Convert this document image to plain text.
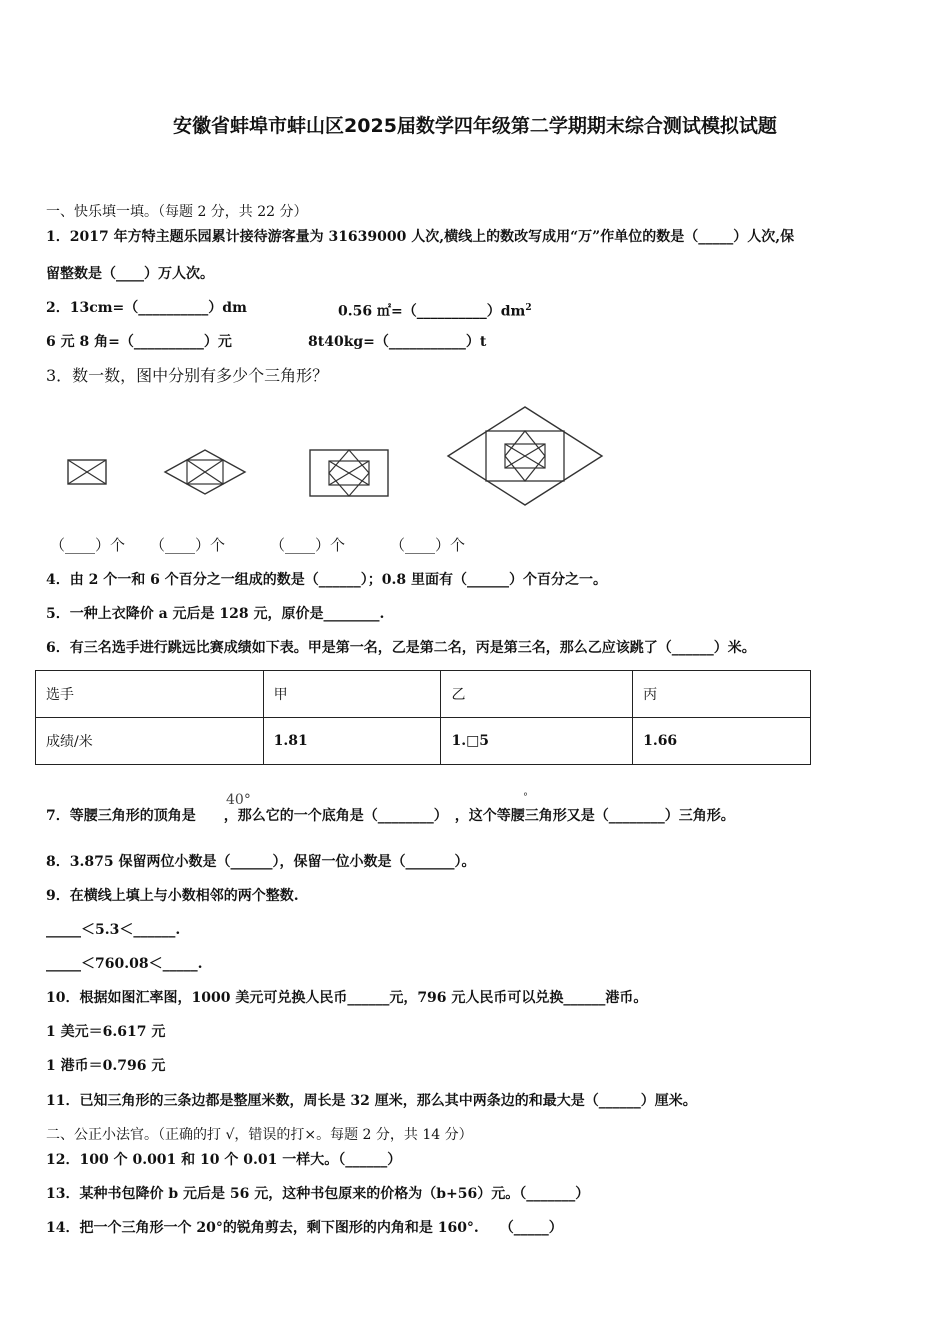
安徽省蚌埠市蚌山区2025届数学四年级第二学期期末综合测试模拟试题
一、快乐填一填。（每题 2 分，共 22 分）
1．2017 年方特主题乐园累计接待游客量为 31639000 人次,横线上的数改写成用“万”作单位的数是（_____）人次,保
留整数是（____）万人次。
2．13cm=（__________）dm	0.56 $㎡=(\_\_\_\_\_\_\_\_\_\_)dm^2$
6 元 8 角=（__________）元	8t40kg=（___________）t
3．数一数，图中分别有多少个三角形？
（____）个 （____）个	（____）个	（____）个
4．由 2 个一和 6 个百分之一组成的数是（______）；0.8 里面有（______）个百分之一。
5．一种上衣降价 a 元后是 128 元，原价是________.
6．有三名选手进行跳远比赛成绩如下表。甲是第一名，乙是第二名，丙是第三名，那么乙应该跳了（______）米。
选手	甲	乙	丙
成绩/米	1.81	1.□5	1.66
40°	°
7．等腰三角形的顶角是　　，那么它的一个底角是（________）　，这个等腰三角形又是（________）三角形。
8．3.875 保留两位小数是（______），保留一位小数是（_______）。
9．在横线上填上与小数相邻的两个整数.
_____＜5.3＜______.
_____＜760.08＜_____.
10．根据如图汇率图，1000 美元可兑换人民币______元，796 元人民币可以兑换______港币。
1 美元＝6.617 元
1 港币＝0.796 元
11．已知三角形的三条边都是整厘米数，周长是 32 厘米，那么其中两条边的和最大是（______）厘米。
二、公正小法官。（正确的打 √，错误的打×。每题 2 分，共 14 分）
12．100 个 0.001 和 10 个 0.01 一样大。（______）
13．某种书包降价 b 元后是 56 元，这种书包原来的价格为（b+56）元。（_______）
14．把一个三角形一个 20°的锐角剪去，剩下图形的内角和是 160°.　　（_____）
